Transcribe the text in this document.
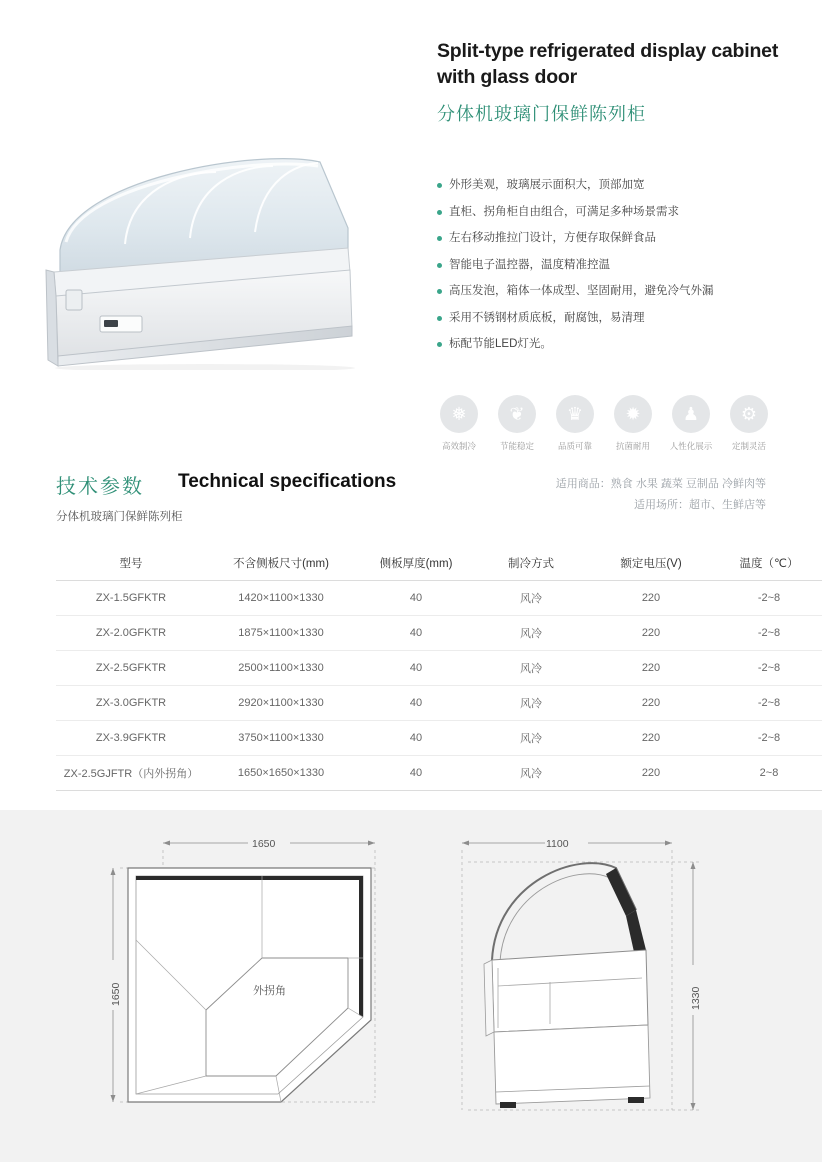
Split-type refrigerated display cabinet with glass door
分体机玻璃门保鲜陈列柜
外形美观，玻璃展示面积大，顶部加宽
直柜、拐角柜自由组合，可满足多种场景需求
左右移动推拉门设计，方便存取保鲜食品
智能电子温控器，温度精准控温
高压发泡，箱体一体成型、坚固耐用，避免冷气外漏
采用不锈钢材质底板，耐腐蚀，易清理
标配节能LED灯光。
❅
高效制冷
❦
节能稳定
♛
品质可靠
✹
抗菌耐用
♟
人性化展示
⚙
定制灵活
技术参数 Technical specifications
分体机玻璃门保鲜陈列柜
适用商品：熟食 水果 蔬菜 豆制品 冷鲜肉等
适用场所：超市、生鲜店等
型号	不含侧板尺寸(mm)	侧板厚度(mm)	制冷方式	额定电压(V)	温度（℃）
ZX-1.5GFKTR	1420×1100×1330	40	风冷	220	-2~8
ZX-2.0GFKTR	1875×1100×1330	40	风冷	220	-2~8
ZX-2.5GFKTR	2500×1100×1330	40	风冷	220	-2~8
ZX-3.0GFKTR	2920×1100×1330	40	风冷	220	-2~8
ZX-3.9GFKTR	3750×1100×1330	40	风冷	220	-2~8
ZX-2.5GJFTR（内外拐角）	1650×1650×1330	40	风冷	220	2~8
1650
1650	外拐角
1100
1330
